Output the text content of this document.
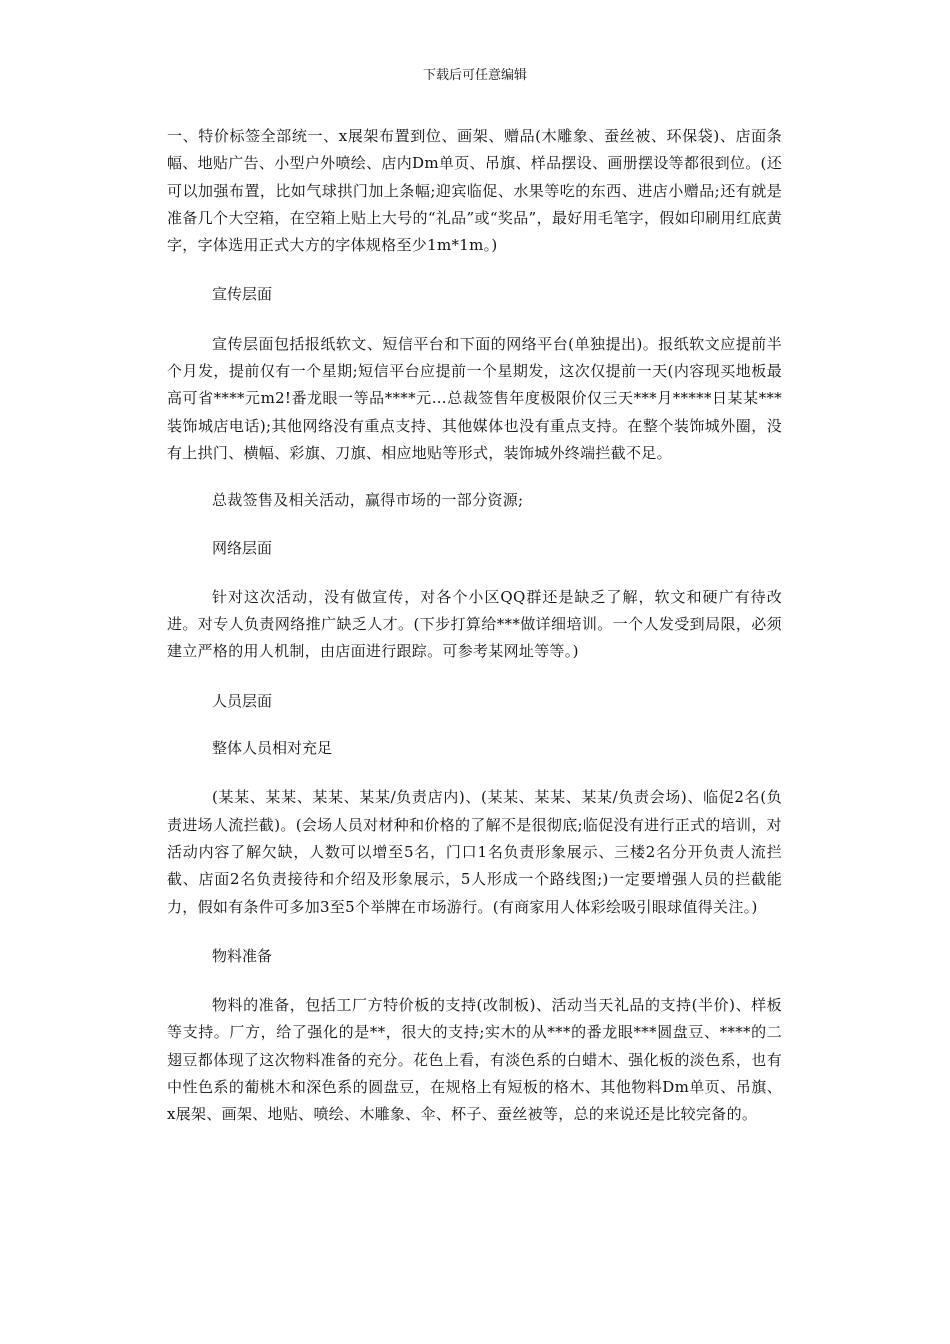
下载后可任意编辑

一、特价标签全部统一、x展架布置到位、画架、赠品(木雕象、蚕丝被、环保袋)、店面条幅、地贴广告、小型户外喷绘、店内Dm单页、吊旗、样品摆设、画册摆设等都很到位。(还可以加强布置，比如气球拱门加上条幅;迎宾临促、水果等吃的东西、进店小赠品;还有就是准备几个大空箱，在空箱上贴上大号的“礼品”或“奖品”，最好用毛笔字，假如印刷用红底黄字，字体选用正式大方的字体规格至少1m*1m。)

宣传层面

宣传层面包括报纸软文、短信平台和下面的网络平台(单独提出)。报纸软文应提前半个月发，提前仅有一个星期;短信平台应提前一个星期发，这次仅提前一天(内容现买地板最高可省****元m2!番龙眼一等品****元…总裁签售年度极限价仅三天***月*****日某某***装饰城店电话);其他网络没有重点支持、其他媒体也没有重点支持。在整个装饰城外圈，没有上拱门、横幅、彩旗、刀旗、相应地贴等形式，装饰城外终端拦截不足。

总裁签售及相关活动，赢得市场的一部分资源;

网络层面

针对这次活动，没有做宣传，对各个小区QQ群还是缺乏了解，软文和硬广有待改进。对专人负责网络推广缺乏人才。(下步打算给***做详细培训。一个人发受到局限，必须建立严格的用人机制，由店面进行跟踪。可参考某网址等等。)

人员层面

整体人员相对充足

(某某、某某、某某、某某/负责店内)、(某某、某某、某某/负责会场)、临促2名(负责进场人流拦截)。(会场人员对材种和价格的了解不是很彻底;临促没有进行正式的培训，对活动内容了解欠缺，人数可以增至5名，门口1名负责形象展示、三楼2名分开负责人流拦截、店面2名负责接待和介绍及形象展示，5人形成一个路线图;)一定要增强人员的拦截能力，假如有条件可多加3至5个举牌在市场游行。(有商家用人体彩绘吸引眼球值得关注。)

物料准备

物料的准备，包括工厂方特价板的支持(改制板)、活动当天礼品的支持(半价)、样板等支持。厂方，给了强化的是**，很大的支持;实木的从***的番龙眼***圆盘豆、****的二翅豆都体现了这次物料准备的充分。花色上看，有淡色系的白蜡木、强化板的淡色系，也有中性色系的葡桃木和深色系的圆盘豆，在规格上有短板的格木、其他物料Dm单页、吊旗、x展架、画架、地贴、喷绘、木雕象、伞、杯子、蚕丝被等，总的来说还是比较完备的。
